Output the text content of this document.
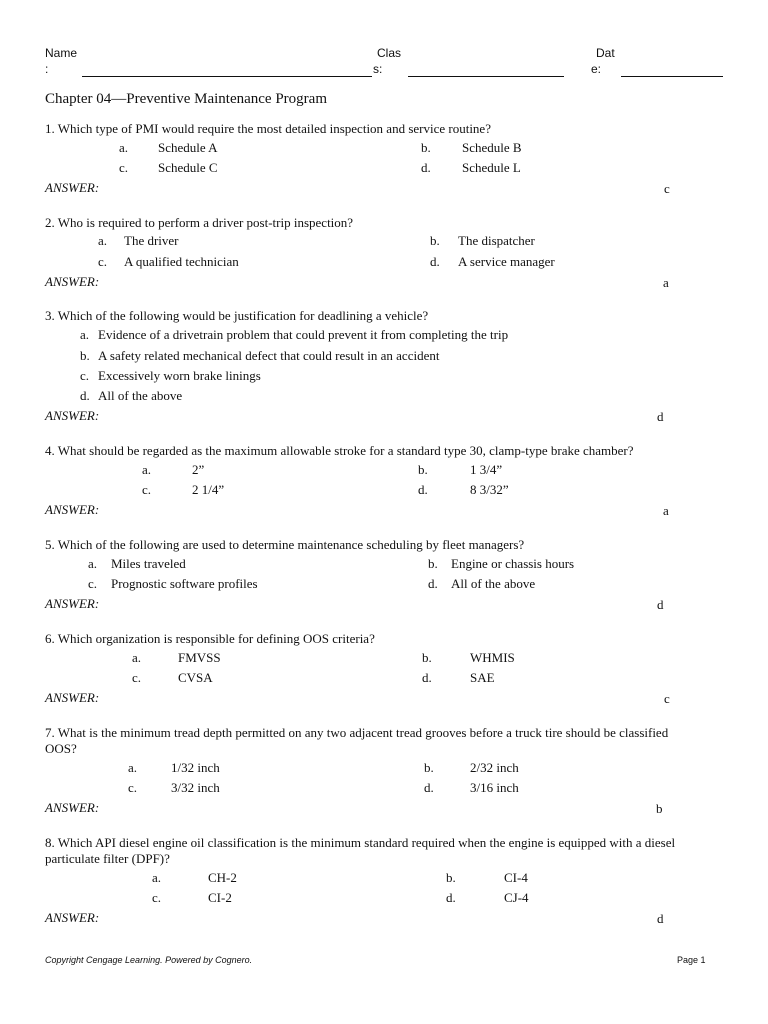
Name
:
Clas
s:
Dat
e:
Chapter 04—Preventive Maintenance Program
1. Which type of PMI would require the most detailed inspection and service routine?
a. Schedule A	b. Schedule B
c. Schedule C	d. Schedule L
ANSWER:	c
2. Who is required to perform a driver post-trip inspection?
a. The driver	b. The dispatcher
c. A qualified technician	d. A service manager
ANSWER:	a
3. Which of the following would be justification for deadlining a vehicle?
a. Evidence of a drivetrain problem that could prevent it from completing the trip
b. A safety related mechanical defect that could result in an accident
c. Excessively worn brake linings
d. All of the above
ANSWER:	d
4. What should be regarded as the maximum allowable stroke for a standard type 30, clamp-type brake chamber?
a.	2”	b.	1 3/4”
c.	2 1/4”	d.	8 3/32”
ANSWER:	a
5. Which of the following are used to determine maintenance scheduling by fleet managers?
a. Miles traveled	b. Engine or chassis hours
c. Prognostic software profiles	d. All of the above
ANSWER:	d
6. Which organization is responsible for defining OOS criteria?
a.	FMVSS	b.	WHMIS
c.	CVSA	d.	SAE
ANSWER:	c
7. What is the minimum tread depth permitted on any two adjacent tread grooves before a truck tire should be classified
OOS?
a.	1/32 inch	b.	2/32 inch
c.	3/32 inch	d.	3/16 inch
ANSWER:	b
8. Which API diesel engine oil classification is the minimum standard required when the engine is equipped with a diesel
particulate filter (DPF)?
a.	CH-2	b.	CI-4
c.	CI-2	d.	CJ-4
ANSWER:	d
Copyright Cengage Learning. Powered by Cognero.	Page 1
